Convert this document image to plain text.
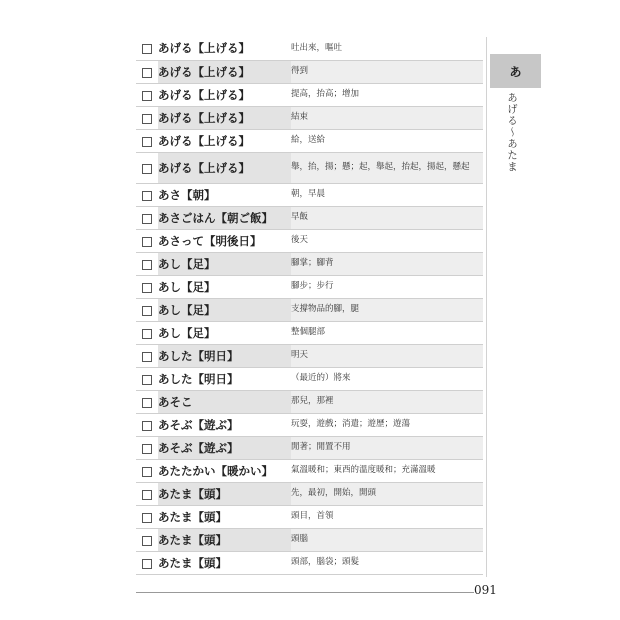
	あげる【上げる】	吐出來，嘔吐
	あげる【上げる】	得到
	あげる【上げる】	提高，抬高；增加
	あげる【上げる】	結束
	あげる【上げる】	給，送給
	あげる【上げる】	舉，抬，揚；懸；起，舉起，抬起，揚起，懸起
	あさ【朝】	朝，早晨
	あさごはん【朝ご飯】	早飯
	あさって【明後日】	後天
	あし【足】	腳掌；腳背
	あし【足】	腳步；步行
	あし【足】	支撐物品的腳，腿
	あし【足】	整個腿部
	あした【明日】	明天
	あした【明日】	（最近的）將來
	あそこ	那兒，那裡
	あそぶ【遊ぶ】	玩耍，遊戲；消遣；遊歷；遊蕩
	あそぶ【遊ぶ】	閒著；閒置不用
	あたたかい【暖かい】	氣溫暖和；東西的溫度暖和；充滿溫暖
	あたま【頭】	先，最初，開始，開頭
	あたま【頭】	頭目，首領
	あたま【頭】	頭腦
	あたま【頭】	頭部，腦袋；頭髮
あ
あげる～あたま
091
